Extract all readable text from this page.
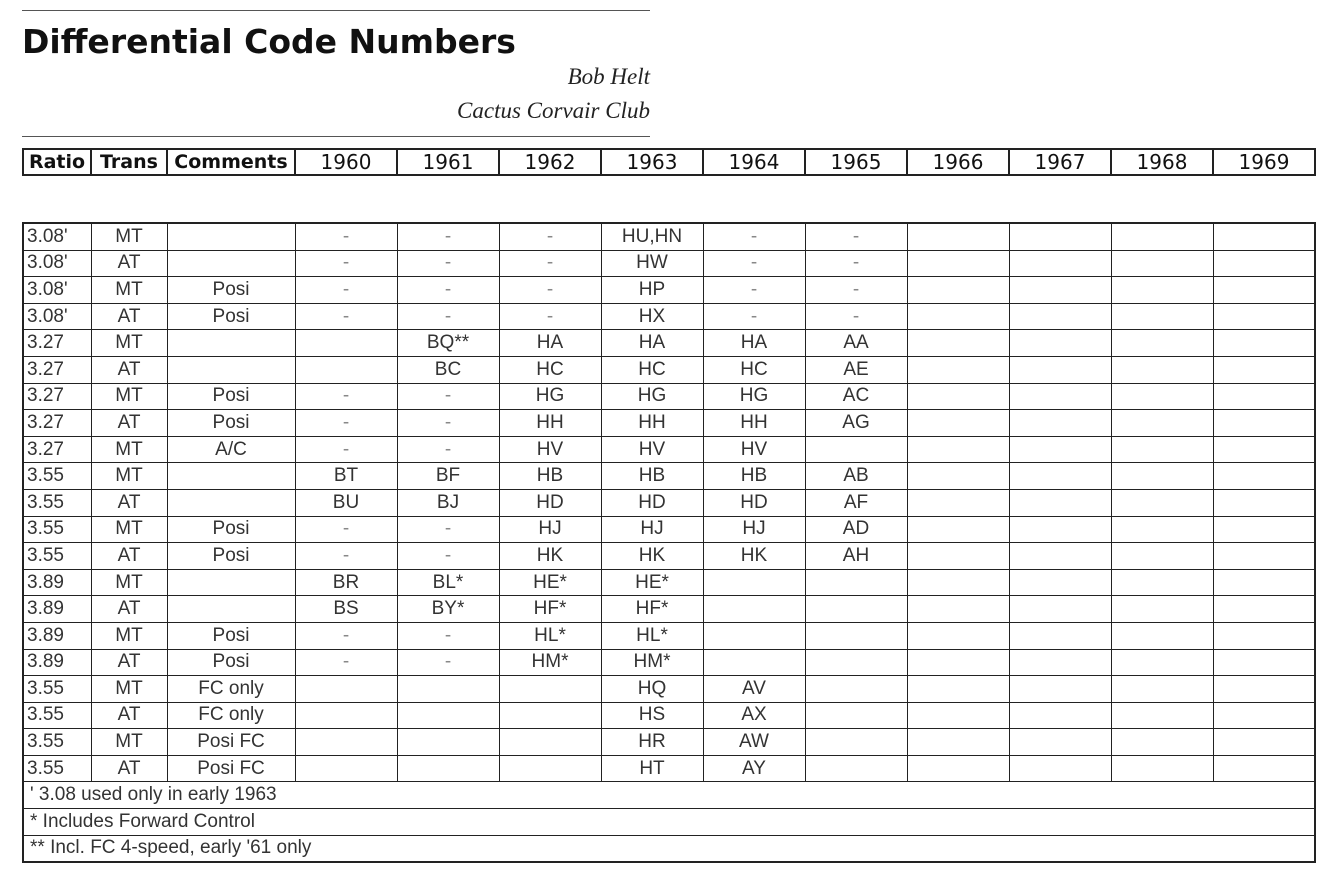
Differential Code Numbers
Bob Helt
Cactus Corvair Club
Ratio	Trans	Comments	1960	1961	1962	1963	1964	1965	1966	1967	1968	1969
3.08'	MT		-	-	-	HU,HN	-	-				
3.08'	AT		-	-	-	HW	-	-				
3.08'	MT	Posi	-	-	-	HP	-	-				
3.08'	AT	Posi	-	-	-	HX	-	-				
3.27	MT			BQ**	HA	HA	HA	AA				
3.27	AT			BC	HC	HC	HC	AE				
3.27	MT	Posi	-	-	HG	HG	HG	AC				
3.27	AT	Posi	-	-	HH	HH	HH	AG				
3.27	MT	A/C	-	-	HV	HV	HV					
3.55	MT		BT	BF	HB	HB	HB	AB				
3.55	AT		BU	BJ	HD	HD	HD	AF				
3.55	MT	Posi	-	-	HJ	HJ	HJ	AD				
3.55	AT	Posi	-	-	HK	HK	HK	AH				
3.89	MT		BR	BL*	HE*	HE*						
3.89	AT		BS	BY*	HF*	HF*						
3.89	MT	Posi	-	-	HL*	HL*						
3.89	AT	Posi	-	-	HM*	HM*						
3.55	MT	FC only				HQ	AV					
3.55	AT	FC only				HS	AX					
3.55	MT	Posi FC				HR	AW					
3.55	AT	Posi FC				HT	AY					
' 3.08 used only in early 1963												
* Includes Forward Control												
** Incl. FC 4-speed, early '61 only												
